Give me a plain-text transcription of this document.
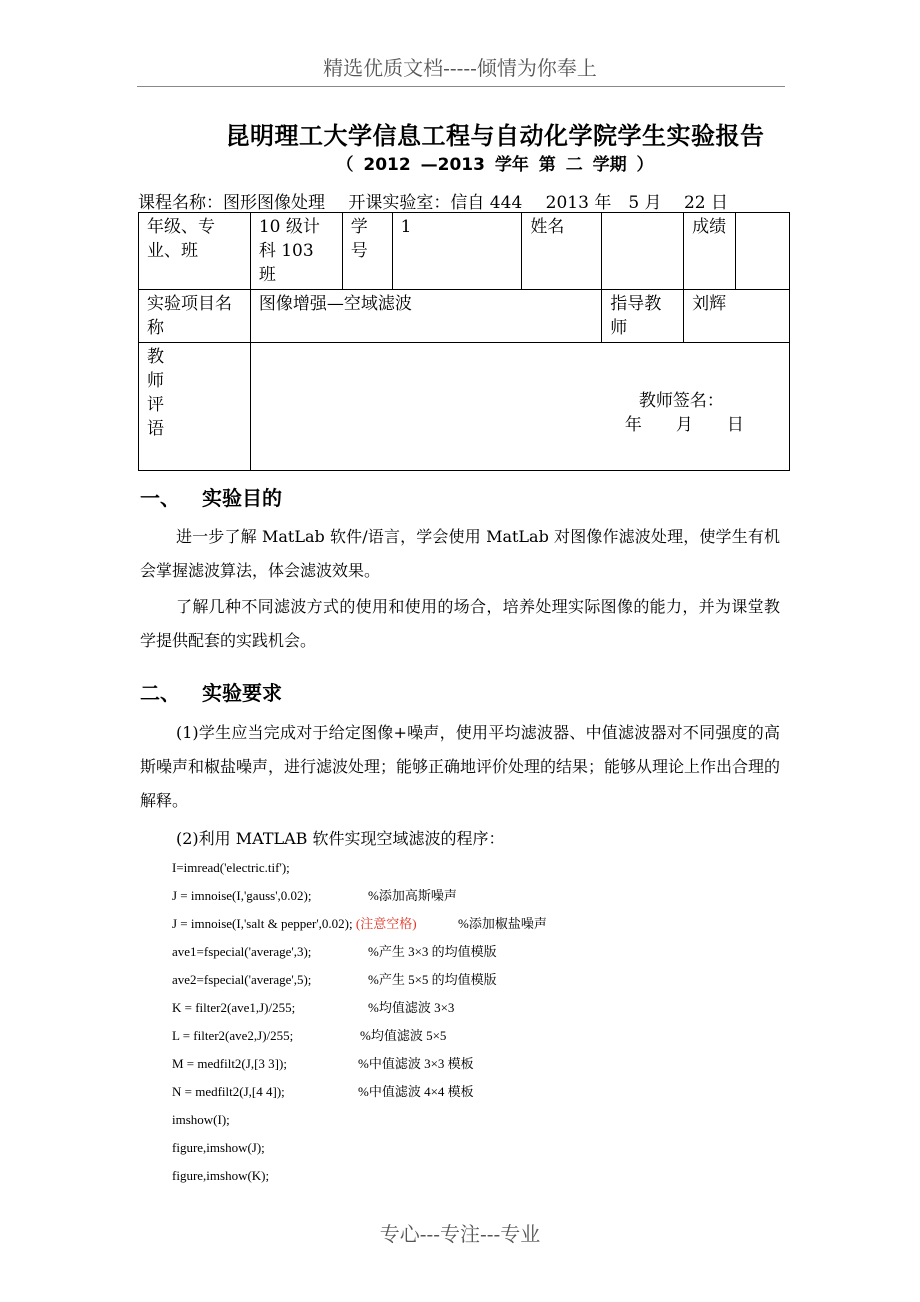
精选优质文档-----倾情为你奉上
昆明理工大学信息工程与自动化学院学生实验报告
（ 2012 —2013 学年 第 二 学期 ）
课程名称：图形图像处理 开课实验室：信自 444 2013 年　5 月　 22 日
年级、专业、班	10 级计科 103 班	学号	1	姓名		成绩	
实验项目名称	图像增强—空域滤波				指导教师	刘辉	

教师评语	教师签名：
年　　月　　日						
一、 实验目的
进一步了解 MatLab 软件/语言，学会使用 MatLab 对图像作滤波处理，使学生有机会掌握滤波算法，体会滤波效果。
了解几种不同滤波方式的使用和使用的场合，培养处理实际图像的能力，并为课堂教学提供配套的实践机会。
二、 实验要求
(1)学生应当完成对于给定图像+噪声，使用平均滤波器、中值滤波器对不同强度的高斯噪声和椒盐噪声，进行滤波处理；能够正确地评价处理的结果；能够从理论上作出合理的解释。
(2)利用 MATLAB 软件实现空域滤波的程序：
I=imread('electric.tif');
J = imnoise(I,'gauss',0.02);	%添加高斯噪声
J = imnoise(I,'salt & pepper',0.02); (注意空格)	%添加椒盐噪声
ave1=fspecial('average',3);	%产生 3×3 的均值模版
ave2=fspecial('average',5);	%产生 5×5 的均值模版
K = filter2(ave1,J)/255;	%均值滤波 3×3
L = filter2(ave2,J)/255;	%均值滤波 5×5
M = medfilt2(J,[3 3]);	%中值滤波 3×3 模板
N = medfilt2(J,[4 4]);	%中值滤波 4×4 模板
imshow(I);
figure,imshow(J);
figure,imshow(K);
专心---专注---专业
